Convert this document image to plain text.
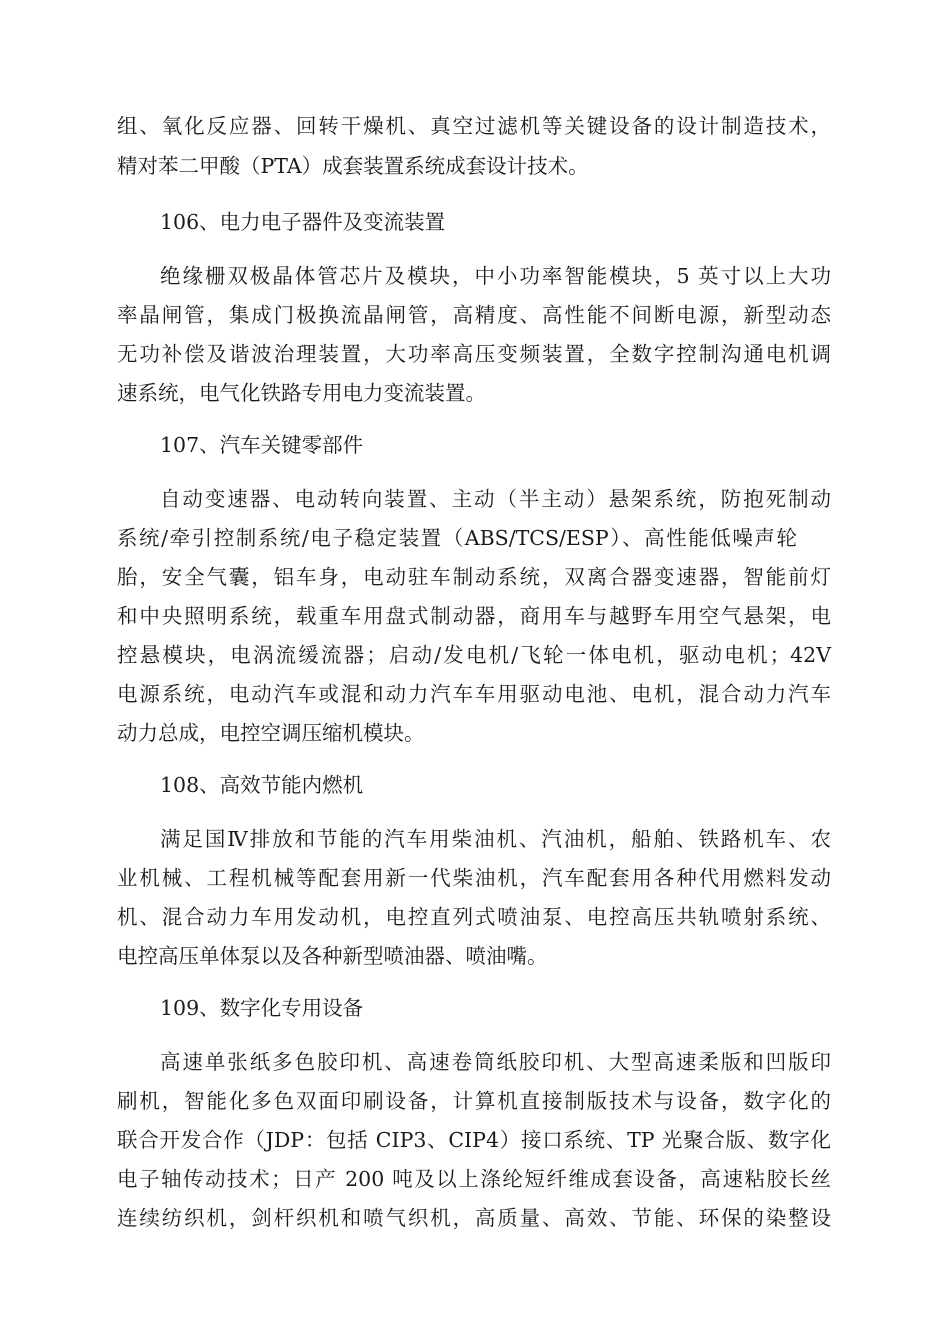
组、氧化反应器、回转干燥机、真空过滤机等关键设备的设计制造技术，

精对苯二甲酸（PTA）成套装置系统成套设计技术。

106、电力电子器件及变流装置

绝缘栅双极晶体管芯片及模块，中小功率智能模块，5 英寸以上大功

率晶闸管，集成门极换流晶闸管，高精度、高性能不间断电源，新型动态

无功补偿及谐波治理装置，大功率高压变频装置，全数字控制沟通电机调

速系统，电气化铁路专用电力变流装置。

107、汽车关键零部件

自动变速器、电动转向装置、主动（半主动）悬架系统，防抱死制动

系统/牵引控制系统/电子稳定装置（ABS/TCS/ESP）、高性能低噪声轮

胎，安全气囊，铝车身，电动驻车制动系统，双离合器变速器，智能前灯

和中央照明系统，载重车用盘式制动器，商用车与越野车用空气悬架，电

控悬模块，电涡流缓流器；启动/发电机/飞轮一体电机，驱动电机；42V

电源系统，电动汽车或混和动力汽车车用驱动电池、电机，混合动力汽车

动力总成，电控空调压缩机模块。

108、高效节能内燃机

满足国Ⅳ排放和节能的汽车用柴油机、汽油机，船舶、铁路机车、农

业机械、工程机械等配套用新一代柴油机，汽车配套用各种代用燃料发动

机、混合动力车用发动机，电控直列式喷油泵、电控高压共轨喷射系统、

电控高压单体泵以及各种新型喷油器、喷油嘴。

109、数字化专用设备

高速单张纸多色胶印机、高速卷筒纸胶印机、大型高速柔版和凹版印

刷机，智能化多色双面印刷设备，计算机直接制版技术与设备，数字化的

联合开发合作（JDP：包括 CIP3、CIP4）接口系统、TP 光聚合版、数字化

电子轴传动技术；日产 200 吨及以上涤纶短纤维成套设备，高速粘胶长丝

连续纺织机，剑杆织机和喷气织机，高质量、高效、节能、环保的染整设
